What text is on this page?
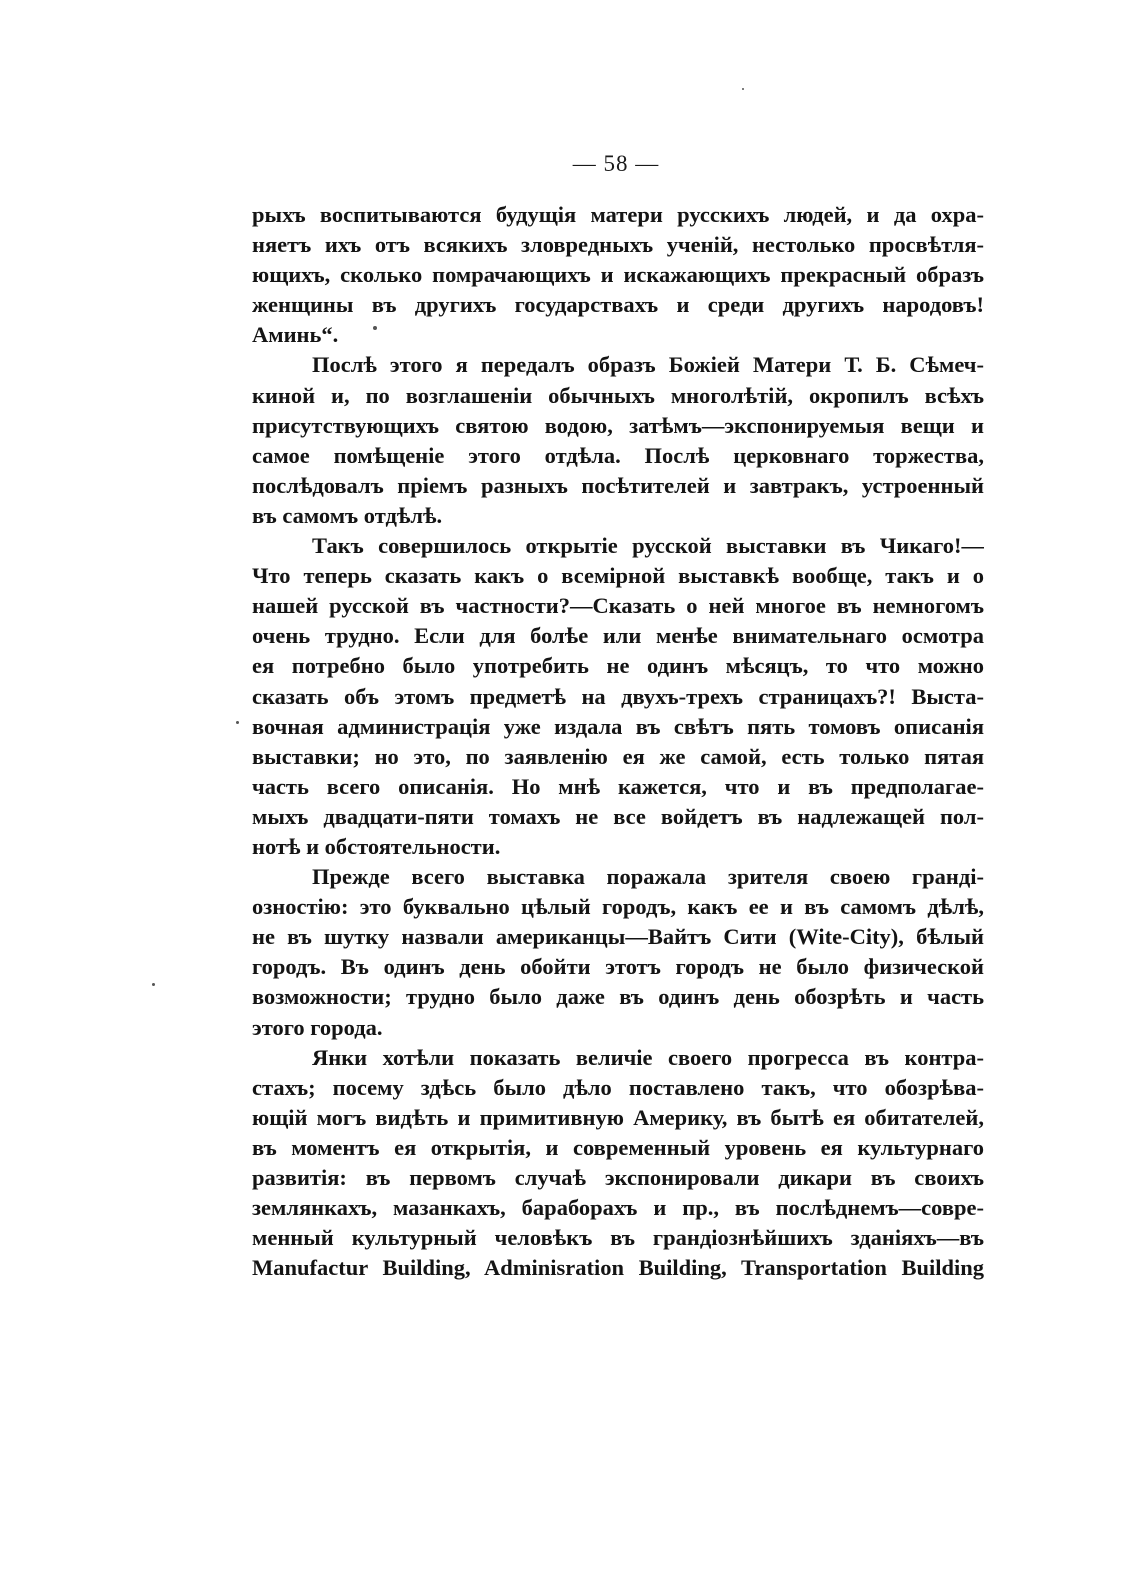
— 58 —
рыхъ воспитываются будущія матери русскихъ людей, и да охра-
няетъ ихъ отъ всякихъ зловредныхъ ученій, нестолько просвѣтля-
ющихъ, сколько помрачающихъ и искажающихъ прекрасный образъ
женщины въ другихъ государствахъ и среди другихъ народовъ!
Аминь“.
Послѣ этого я передалъ образъ Божіей Матери Т. Б. Сѣмеч-
киной и, по возглашеніи обычныхъ многолѣтій, окропилъ всѣхъ
присутствующихъ святою водою, затѣмъ—экспонируемыя вещи и
самое помѣщеніе этого отдѣла. Послѣ церковнаго торжества,
послѣдовалъ пріемъ разныхъ посѣтителей и завтракъ, устроенный
въ самомъ отдѣлѣ.
Такъ совершилось открытіе русской выставки въ Чикаго!—
Что теперь сказать какъ о всемірной выставкѣ вообще, такъ и о
нашей русской въ частности?—Сказать о ней многое въ немногомъ
очень трудно. Если для болѣе или менѣе внимательнаго осмотра
ея потребно было употребить не одинъ мѣсяцъ, то что можно
сказать объ этомъ предметѣ на двухъ-трехъ страницахъ?! Выста-
вочная администрація уже издала въ свѣтъ пять томовъ описанія
выставки; но это, по заявленію ея же самой, есть только пятая
часть всего описанія. Но мнѣ кажется, что и въ предполагае-
мыхъ двадцати-пяти томахъ не все войдетъ въ надлежащей пол-
нотѣ и обстоятельности.
Прежде всего выставка поражала зрителя своею грандi-
озностію: это буквально цѣлый городъ, какъ ее и въ самомъ дѣлѣ,
не въ шутку назвали американцы—Вайтъ Сити (Wite-City), бѣлый
городъ. Въ одинъ день обойти этотъ городъ не было физической
возможности; трудно было даже въ одинъ день обозрѣть и часть
этого города.
Янки хотѣли показать величіе своего прогресса въ контра-
стахъ; посему здѣсь было дѣло поставлено такъ, что обозрѣва-
ющій могъ видѣть и примитивную Америку, въ бытѣ ея обитателей,
въ моментъ ея открытія, и современный уровень ея культурнаго
развитія: въ первомъ случаѣ экспонировали дикари въ своихъ
землянкахъ, мазанкахъ, бараборахъ и пр., въ послѣднемъ—совре-
менный культурный человѣкъ въ грандіознѣйшихъ зданіяхъ—въ
Manufactur Building, Adminisration Building, Transportation Building
